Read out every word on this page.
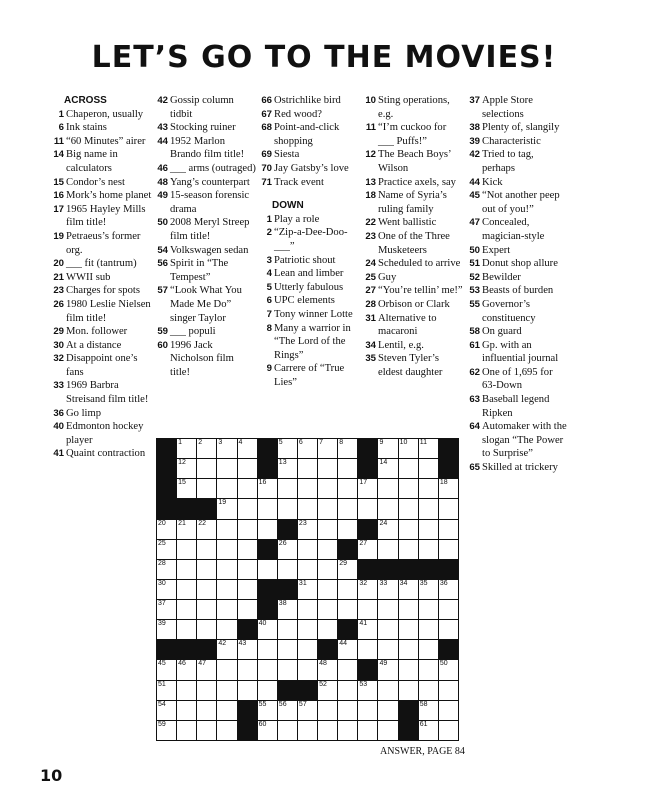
LET’S GO TO THE MOVIES!
ACROSS
1 Chaperon, usually
6 Ink stains
11 “60 Minutes” airer
14 Big name in calculators
15 Condor’s nest
16 Mork’s home planet
17 1965 Hayley Mills film title!
19 Petraeus’s former org.
20 ___ fit (tantrum)
21 WWII sub
23 Charges for spots
26 1980 Leslie Nielsen film title!
29 Mon. follower
30 At a distance
32 Disappoint one’s fans
33 1969 Barbra Streisand film title!
36 Go limp
40 Edmonton hockey player
41 Quaint contraction
42 Gossip column tidbit
43 Stocking ruiner
44 1952 Marlon Brando film title!
46 ___ arms (outraged)
48 Yang’s counterpart
49 15-season forensic drama
50 2008 Meryl Streep film title!
54 Volkswagen sedan
56 Spirit in “The Tempest”
57 “Look What You Made Me Do” singer Taylor
59 ___ populi
60 1996 Jack Nicholson film title!
66 Ostrichlike bird
67 Red wood?
68 Point-and-click shopping
69 Siesta
70 Jay Gatsby’s love
71 Track event
DOWN
1 Play a role
2 “Zip-a-Dee-Doo-___”
3 Patriotic shout
4 Lean and limber
5 Utterly fabulous
6 UPC elements
7 Tony winner Lotte
8 Many a warrior in “The Lord of the Rings”
9 Carrere of “True Lies”
10 Sting operations, e.g.
11 “I’m cuckoo for ___ Puffs!”
12 The Beach Boys’ Wilson
13 Practice axels, say
18 Name of Syria’s ruling family
22 Went ballistic
23 One of the Three Musketeers
24 Scheduled to arrive
25 Guy
27 “You’re tellin’ me!”
28 Orbison or Clark
31 Alternative to macaroni
34 Lentil, e.g.
35 Steven Tyler’s eldest daughter
37 Apple Store selections
38 Plenty of, slangily
39 Characteristic
42 Tried to tag, perhaps
44 Kick
45 “Not another peep out of you!”
47 Concealed, magician-style
50 Expert
51 Donut shop allure
52 Bewilder
53 Beasts of burden
55 Governor’s constituency
58 On guard
61 Gp. with an influential journal
62 One of 1,695 for 63-Down
63 Baseball legend Ripken
64 Automaker with the slogan “The Power to Surprise”
65 Skilled at trickery
1 2 3 4	5 6 7 8	9 10 11
12	13	14
15	16	17	18
19
20 21 22	23	24
25	26	27
28	29
30	31	32 33 34 35 36
37	38
39	40	41
42 43	44
45 46 47	48	49	50
51	52	53
54	55 56 57	58
59	60	61
ANSWER, PAGE 84
10
